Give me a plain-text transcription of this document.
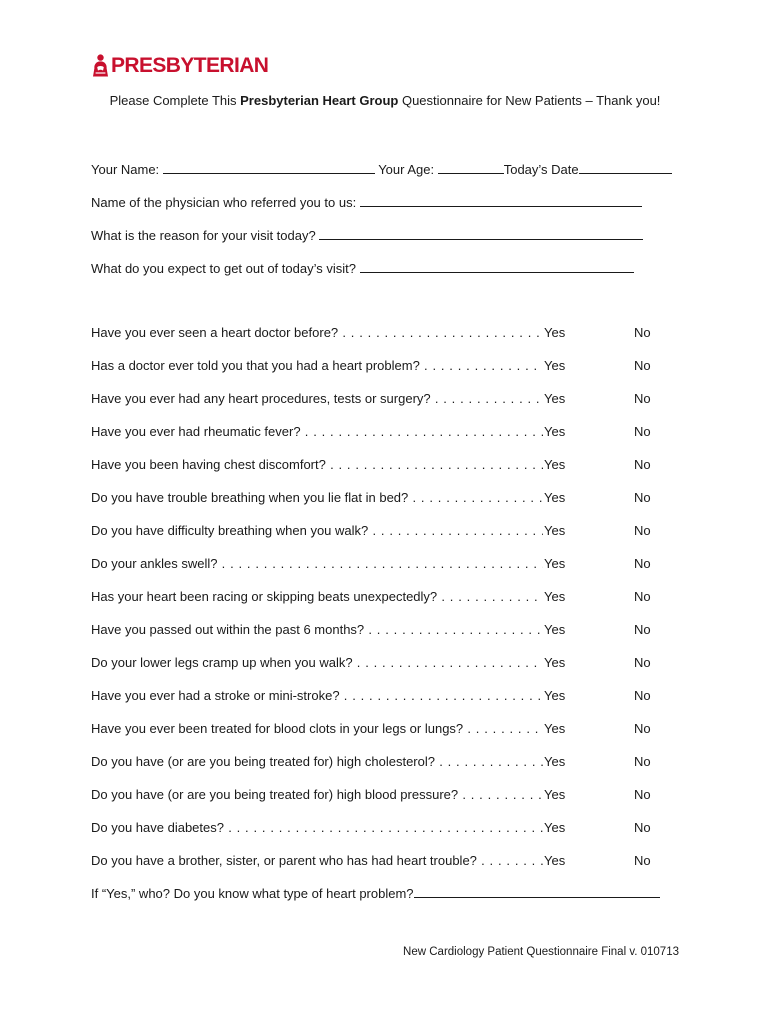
PRESBYTERIAN
Please Complete This Presbyterian Heart Group Questionnaire for New Patients – Thank you!
Your Name:	Your Age:	Today’s Date
Name of the physician who referred you to us:
What is the reason for your visit today?
What do you expect to get out of today’s visit?
Have you ever seen a heart doctor before? . . .	Yes	No
Has a doctor ever told you that you had a heart problem? . . .	Yes	No
Have you ever had any heart procedures, tests or surgery? . . .	Yes	No
Have you ever had rheumatic fever? . . .	Yes	No
Have you been having chest discomfort? . . .	Yes	No
Do you have trouble breathing when you lie flat in bed? . . .	Yes	No
Do you have difficulty breathing when you walk? . . .	Yes	No
Do your ankles swell? . . .	Yes	No
Has your heart been racing or skipping beats unexpectedly? . . .	Yes	No
Have you passed out within the past 6 months? . . .	Yes	No
Do your lower legs cramp up when you walk? . . .	Yes	No
Have you ever had a stroke or mini-stroke? . . .	Yes	No
Have you ever been treated for blood clots in your legs or lungs? . . .	Yes	No
Do you have (or are you being treated for) high cholesterol? . . .	Yes	No
Do you have (or are you being treated for) high blood pressure? . . .	Yes	No
Do you have diabetes? . . .	Yes	No
Do you have a brother, sister, or parent who has had heart trouble? . . .	Yes	No
If “Yes,” who? Do you know what type of heart problem?
New Cardiology Patient Questionnaire Final v. 010713
